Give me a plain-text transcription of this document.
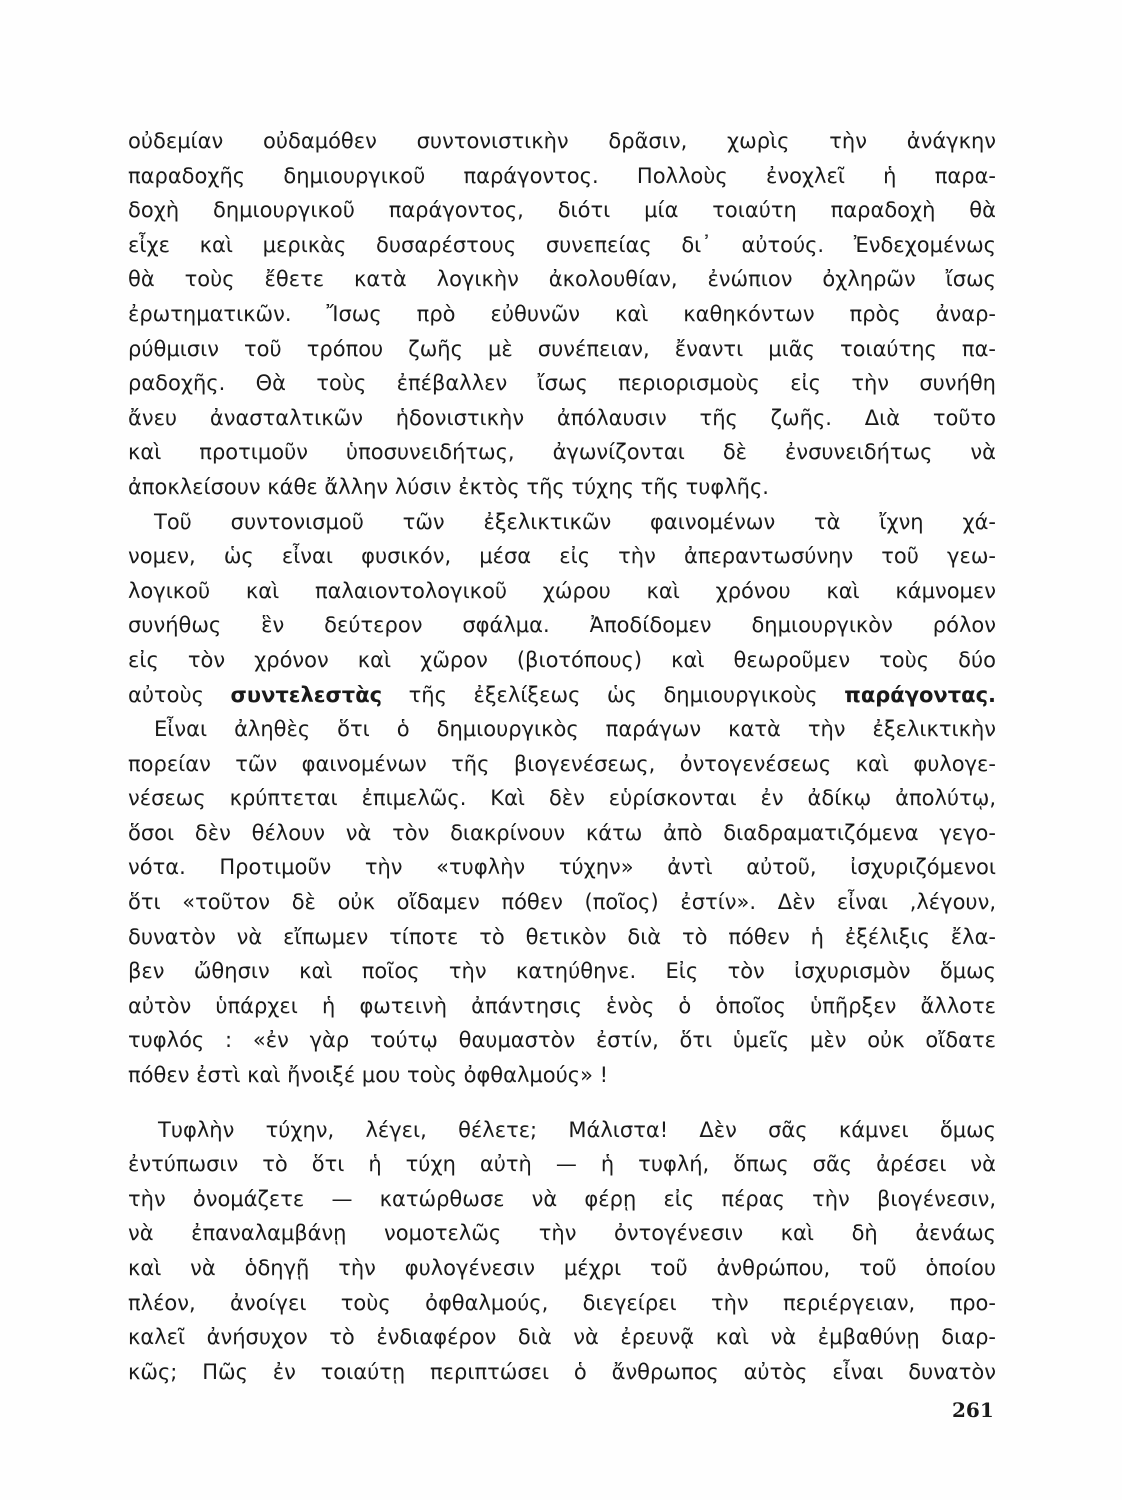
οὐδεμίαν οὐδαμόθεν συντονιστικὴν δρᾶσιν, χωρὶς τὴν ἀνάγκην
παραδοχῆς δημιουργικοῦ παράγοντος. Πολλοὺς ἐνοχλεῖ ἡ παρα-
δοχὴ δημιουργικοῦ παράγοντος, διότι μία τοιαύτη παραδοχὴ θὰ
εἶχε καὶ μερικὰς δυσαρέστους συνεπείας δι᾽ αὐτούς. Ἐνδεχομένως
θὰ τοὺς ἔθετε κατὰ λογικὴν ἀκολουθίαν, ἐνώπιον ὀχληρῶν ἴσως
ἐρωτηματικῶν. Ἴσως πρὸ εὐθυνῶν καὶ καθηκόντων πρὸς ἀναρ-
ρύθμισιν τοῦ τρόπου ζωῆς μὲ συνέπειαν, ἔναντι μιᾶς τοιαύτης πα-
ραδοχῆς. Θὰ τοὺς ἐπέβαλλεν ἴσως περιορισμοὺς εἰς τὴν συνήθη
ἄνευ ἀνασταλτικῶν ἡδονιστικὴν ἀπόλαυσιν τῆς ζωῆς. Διὰ τοῦτο
καὶ προτιμοῦν ὑποσυνειδήτως, ἀγωνίζονται δὲ ἐνσυνειδήτως νὰ
ἀποκλείσουν κάθε ἄλλην λύσιν ἐκτὸς τῆς τύχης τῆς τυφλῆς.
Τοῦ συντονισμοῦ τῶν ἐξελικτικῶν φαινομένων τὰ ἴχνη χά-
νομεν, ὡς εἶναι φυσικόν, μέσα εἰς τὴν ἀπεραντωσύνην τοῦ γεω-
λογικοῦ καὶ παλαιοντολογικοῦ χώρου καὶ χρόνου καὶ κάμνομεν
συνήθως ἓν δεύτερον σφάλμα. Ἀποδίδομεν δημιουργικὸν ρόλον
εἰς τὸν χρόνον καὶ χῶρον (βιοτόπους) καὶ θεωροῦμεν τοὺς δύο
αὐτοὺς συντελεστὰς τῆς ἐξελίξεως ὡς δημιουργικοὺς παράγοντας.
Εἶναι ἀληθὲς ὅτι ὁ δημιουργικὸς παράγων κατὰ τὴν ἐξελικτικὴν
πορείαν τῶν φαινομένων τῆς βιογενέσεως, ὀντογενέσεως καὶ φυλογε-
νέσεως κρύπτεται ἐπιμελῶς. Καὶ δὲν εὑρίσκονται ἐν ἀδίκῳ ἀπολύτῳ,
ὅσοι δὲν θέλουν νὰ τὸν διακρίνουν κάτω ἀπὸ διαδραματιζόμενα γεγο-
νότα. Προτιμοῦν τὴν «τυφλὴν τύχην» ἀντὶ αὐτοῦ, ἰσχυριζόμενοι
ὅτι «τοῦτον δὲ οὐκ οἴδαμεν πόθεν (ποῖος) ἐστίν». Δὲν εἶναι ,λέγουν,
δυνατὸν νὰ εἴπωμεν τίποτε τὸ θετικὸν διὰ τὸ πόθεν ἡ ἐξέλιξις ἔλα-
βεν ὤθησιν καὶ ποῖος τὴν κατηύθηνε. Εἰς τὸν ἰσχυρισμὸν ὅμως
αὐτὸν ὑπάρχει ἡ φωτεινὴ ἀπάντησις ἑνὸς ὁ ὁποῖος ὑπῆρξεν ἄλλοτε
τυφλός : «ἐν γὰρ τούτῳ θαυμαστὸν ἐστίν, ὅτι ὑμεῖς μὲν οὐκ οἴδατε
πόθεν ἐστὶ καὶ ἤνοιξέ μου τοὺς ὀφθαλμούς» !
Τυφλὴν τύχην, λέγει, θέλετε; Μάλιστα! Δὲν σᾶς κάμνει ὅμως
ἐντύπωσιν τὸ ὅτι ἡ τύχη αὐτὴ — ἡ τυφλή, ὅπως σᾶς ἀρέσει νὰ
τὴν ὀνομάζετε — κατώρθωσε νὰ φέρῃ εἰς πέρας τὴν βιογένεσιν,
νὰ ἐπαναλαμβάνῃ νομοτελῶς τὴν ὀντογένεσιν καὶ δὴ ἀενάως
καὶ νὰ ὁδηγῇ τὴν φυλογένεσιν μέχρι τοῦ ἀνθρώπου, τοῦ ὁποίου
πλέον, ἀνοίγει τοὺς ὀφθαλμούς, διεγείρει τὴν περιέργειαν, προ-
καλεῖ ἀνήσυχον τὸ ἐνδιαφέρον διὰ νὰ ἐρευνᾷ καὶ νὰ ἐμβαθύνῃ διαρ-
κῶς; Πῶς ἐν τοιαύτῃ περιπτώσει ὁ ἄνθρωπος αὐτὸς εἶναι δυνατὸν
261
